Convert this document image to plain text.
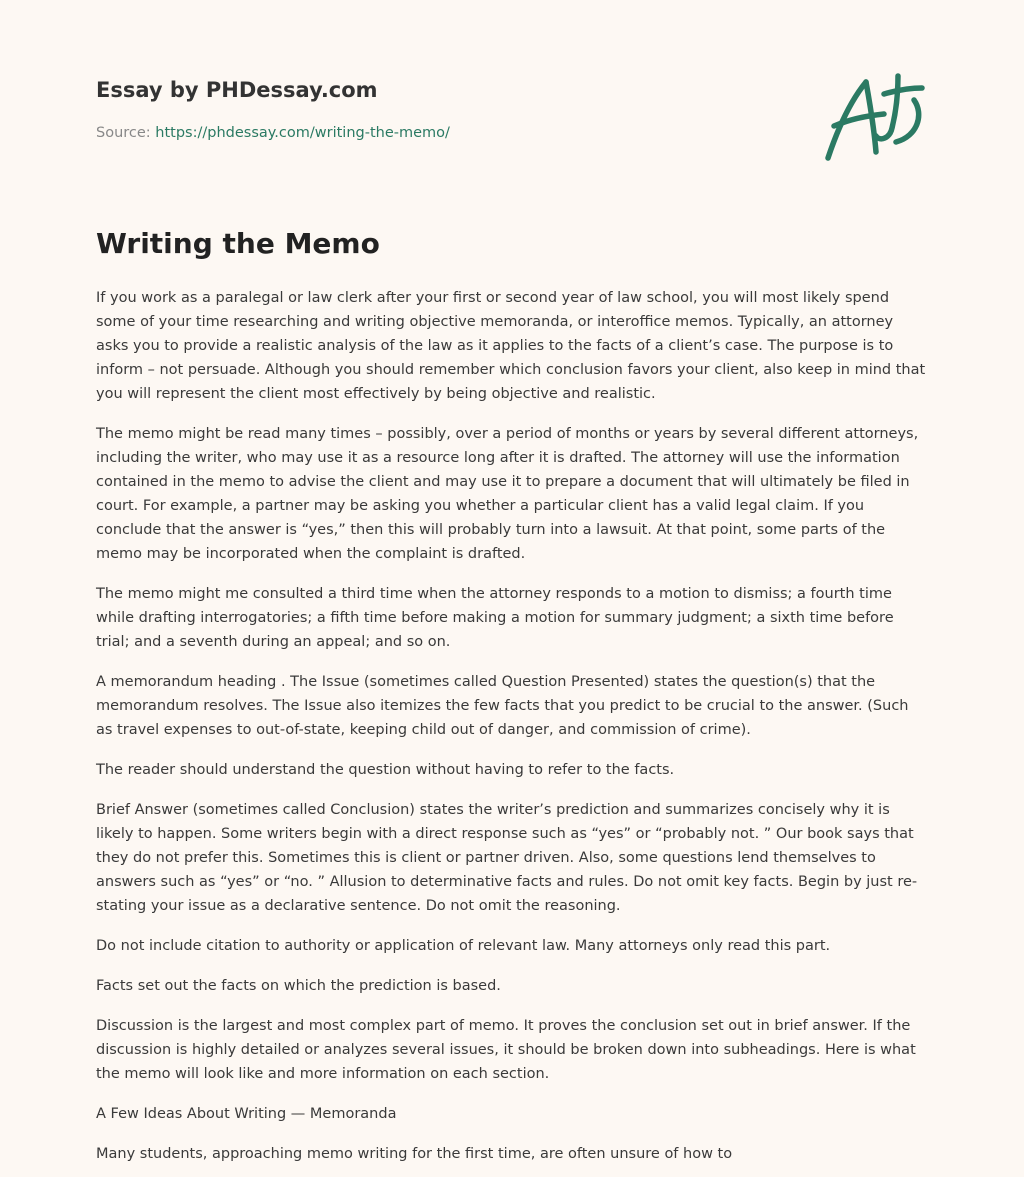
Essay by PHDessay.com
Source: https://phdessay.com/writing-the-memo/
Writing the Memo

If you work as a paralegal or law clerk after your first or second year of law school, you will most likely spend some of your time researching and writing objective memoranda, or interoffice memos. Typically, an attorney asks you to provide a realistic analysis of the law as it applies to the facts of a client’s case. The purpose is to inform – not persuade. Although you should remember which conclusion favors your client, also keep in mind that you will represent the client most effectively by being objective and realistic.

The memo might be read many times – possibly, over a period of months or years by several different attorneys, including the writer, who may use it as a resource long after it is drafted. The attorney will use the information contained in the memo to advise the client and may use it to prepare a document that will ultimately be filed in court. For example, a partner may be asking you whether a particular client has a valid legal claim. If you conclude that the answer is “yes,” then this will probably turn into a lawsuit. At that point, some parts of the memo may be incorporated when the complaint is drafted.

The memo might me consulted a third time when the attorney responds to a motion to dismiss; a fourth time while drafting interrogatories; a fifth time before making a motion for summary judgment; a sixth time before trial; and a seventh during an appeal; and so on.

A memorandum heading . The Issue (sometimes called Question Presented) states the question(s) that the memorandum resolves. The Issue also itemizes the few facts that you predict to be crucial to the answer. (Such as travel expenses to out-of-state, keeping child out of danger, and commission of crime).

The reader should understand the question without having to refer to the facts.

Brief Answer (sometimes called Conclusion) states the writer’s prediction and summarizes concisely why it is likely to happen. Some writers begin with a direct response such as “yes” or “probably not. ” Our book says that they do not prefer this. Sometimes this is client or partner driven. Also, some questions lend themselves to answers such as “yes” or “no. ” Allusion to determinative facts and rules. Do not omit key facts. Begin by just re-stating your issue as a declarative sentence. Do not omit the reasoning.

Do not include citation to authority or application of relevant law. Many attorneys only read this part.

Facts set out the facts on which the prediction is based.

Discussion is the largest and most complex part of memo. It proves the conclusion set out in brief answer. If the discussion is highly detailed or analyzes several issues, it should be broken down into subheadings. Here is what the memo will look like and more information on each section.

A Few Ideas About Writing — Memoranda

Many students, approaching memo writing for the first time, are often unsure of how to
